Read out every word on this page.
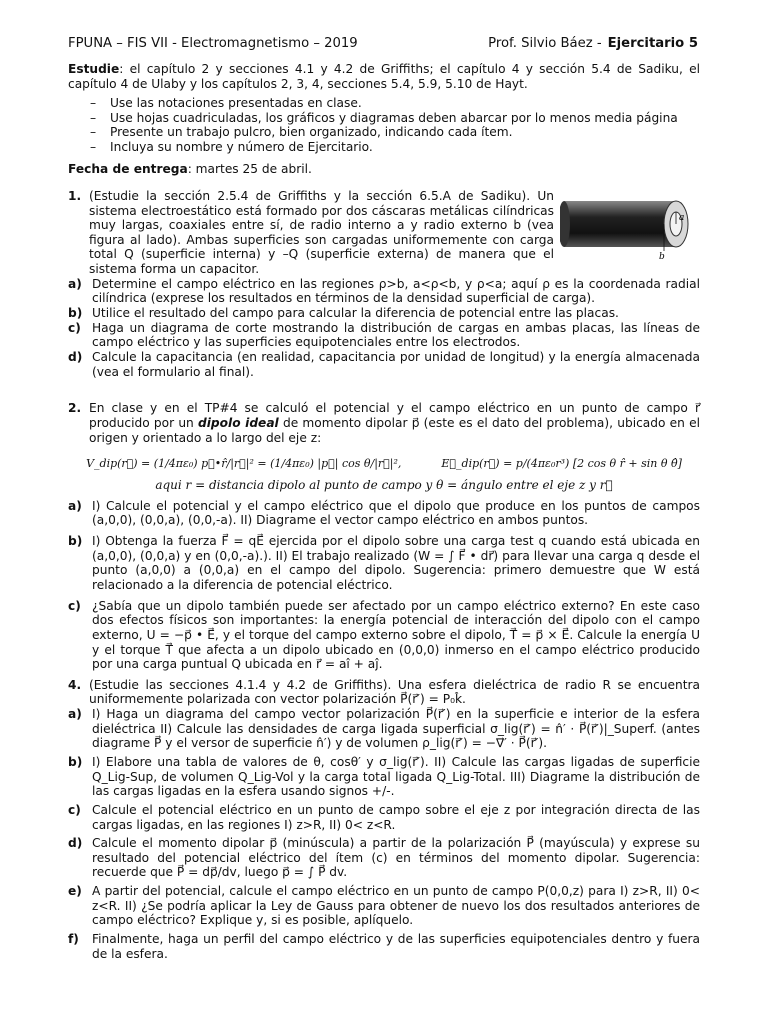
FPUNA – FIS VII - Electromagnetismo – 2019	Prof. Silvio Báez - Ejercitario 5

Estudie: el capítulo 2 y secciones 4.1 y 4.2 de Griffiths; el capítulo 4 y sección 5.4 de Sadiku, el capítulo 4 de Ulaby y los capítulos 2, 3, 4, secciones 5.4, 5.9, 5.10 de Hayt.

– Use las notaciones presentadas en clase.
– Use hojas cuadriculadas, los gráficos y diagramas deben abarcar por lo menos media página
– Presente un trabajo pulcro, bien organizado, indicando cada ítem.
– Incluya su nombre y número de Ejercitario.

Fecha de entrega: martes 25 de abril.

1.
a
b

(Estudie la sección 2.5.4 de Griffiths y la sección 6.5.A de Sadiku). Un sistema electroestático está formado por dos cáscaras metálicas cilíndricas muy largas, coaxiales entre sí, de radio interno a y radio externo b (vea figura al lado). Ambas superficies son cargadas uniformemente con carga total Q (superficie interna) y –Q (superficie externa) de manera que el sistema forma un capacitor.

a) Determine el campo eléctrico en las regiones ρ>b, a<ρ<b, y ρ<a; aquí ρ es la coordenada radial cilíndrica (exprese los resultados en términos de la densidad superficial de carga).
b) Utilice el resultado del campo para calcular la diferencia de potencial entre las placas.
c) Haga un diagrama de corte mostrando la distribución de cargas en ambas placas, las líneas de campo eléctrico y las superficies equipotenciales entre los electrodos.
d) Calcule la capacitancia (en realidad, capacitancia por unidad de longitud) y la energía almacenada (vea el formulario al final).
2. En clase y en el TP#4 se calculó el potencial y el campo eléctrico en un punto de campo r⃗ producido por un dipolo ideal de momento dipolar p⃗ (este es el dato del problema), ubicado en el origen y orientado a lo largo del eje z:

V_dip(r⃗) = (1/4πε₀) p⃗•r̂/|r⃗|² = (1/4πε₀) |p⃗| cos θ/|r⃗|²,	E⃗_dip(r⃗) = p/(4πε₀r³) [2 cos θ r̂ + sin θ θ̂]
aqui r = distancia dipolo al punto de campo y θ = ángulo entre el eje z y r⃗
a) I) Calcule el potencial y el campo eléctrico que el dipolo que produce en los puntos de campos (a,0,0), (0,0,a), (0,0,-a). II) Diagrame el vector campo eléctrico en ambos puntos.
b) I) Obtenga la fuerza F⃗ = qE⃗ ejercida por el dipolo sobre una carga test q cuando está ubicada en (a,0,0), (0,0,a) y en (0,0,-a).). II) El trabajo realizado (W = ∫ F⃗ • dr⃗) para llevar una carga q desde el punto (a,0,0) a (0,0,a) en el campo del dipolo. Sugerencia: primero demuestre que W está relacionado a la diferencia de potencial eléctrico.
c) ¿Sabía que un dipolo también puede ser afectado por un campo eléctrico externo? En este caso dos efectos físicos son importantes: la energía potencial de interacción del dipolo con el campo externo, U = −p⃗ • E⃗, y el torque del campo externo sobre el dipolo, T⃗ = p⃗ × E⃗. Calcule la energía U y el torque T⃗ que afecta a un dipolo ubicado en (0,0,0) inmerso en el campo eléctrico producido por una carga puntual Q ubicada en r⃗ = aî + aĵ.
4. (Estudie las secciones 4.1.4 y 4.2 de Griffiths). Una esfera dieléctrica de radio R se encuentra uniformemente polarizada con vector polarización P⃗(r⃗′) = P₀k̂.

a) I) Haga un diagrama del campo vector polarización P⃗(r⃗′) en la superficie e interior de la esfera dieléctrica II) Calcule las densidades de carga ligada superficial σ_lig(r⃗′) = n̂′ · P⃗(r⃗′)|_Superf. (antes diagrame P⃗ y el versor de superficie n̂′) y de volumen ρ_lig(r⃗′) = −∇⃗′ · P⃗(r⃗′).
b) I) Elabore una tabla de valores de θ, cosθ′ y σ_lig(r⃗′). II) Calcule las cargas ligadas de superficie Q_Lig-Sup, de volumen Q_Lig-Vol y la carga total ligada Q_Lig-Total. III) Diagrame la distribución de las cargas ligadas en la esfera usando signos +/-.
c) Calcule el potencial eléctrico en un punto de campo sobre el eje z por integración directa de las cargas ligadas, en las regiones I) z>R, II) 0< z<R.
d) Calcule el momento dipolar p⃗ (minúscula) a partir de la polarización P⃗ (mayúscula) y exprese su resultado del potencial eléctrico del ítem (c) en términos del momento dipolar. Sugerencia: recuerde que P⃗ = dp⃗/dv, luego p⃗ = ∫ P⃗ dv.
e) A partir del potencial, calcule el campo eléctrico en un punto de campo P(0,0,z) para I) z>R, II) 0< z<R. II) ¿Se podría aplicar la Ley de Gauss para obtener de nuevo los dos resultados anteriores de campo eléctrico? Explique y, si es posible, aplíquelo.
f) Finalmente, haga un perfil del campo eléctrico y de las superficies equipotenciales dentro y fuera de la esfera.
